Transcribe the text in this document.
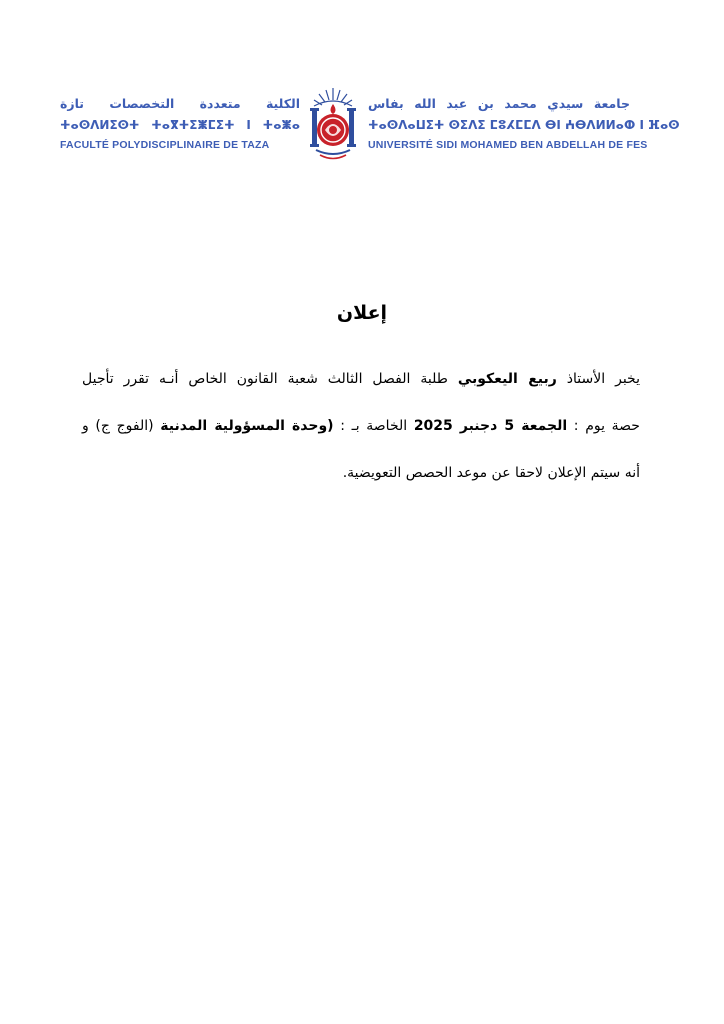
الكلية متعددة التخصصات تازة
ⵜⴰⵙⴷⵍⵉⵙⵜ ⵜⴰⴳⵜⵉⵥⵎⵉⵜ ⵏ ⵜⴰⵥⴰ
FACULTÉ POLYDISCIPLINAIRE DE TAZA
جامعة سيدي محمد بن عبد الله بفاس
ⵜⴰⵙⴷⴰⵡⵉⵜ ⵙⵉⴷⵉ ⵎⵓⵃⵎⵎⴷ ⴱⵏ ⵄⴱⴷⵍⵍⴰⵀ ⵏ ⴼⴰⵙ
UNIVERSITÉ SIDI MOHAMED BEN ABDELLAH DE FES
إعلان
يخبر الأستاذ ربيع اليعكوبي طلبة الفصل الثالث شعبة القانون الخاص أنـه تقرر تأجيل
حصة يوم : الجمعة 5 دجنبر 2025 الخاصة بـ : (وحدة المسؤولية المدنية (الفوج ج) و
أنه سيتم الإعلان لاحقا عن موعد الحصص التعويضية.
